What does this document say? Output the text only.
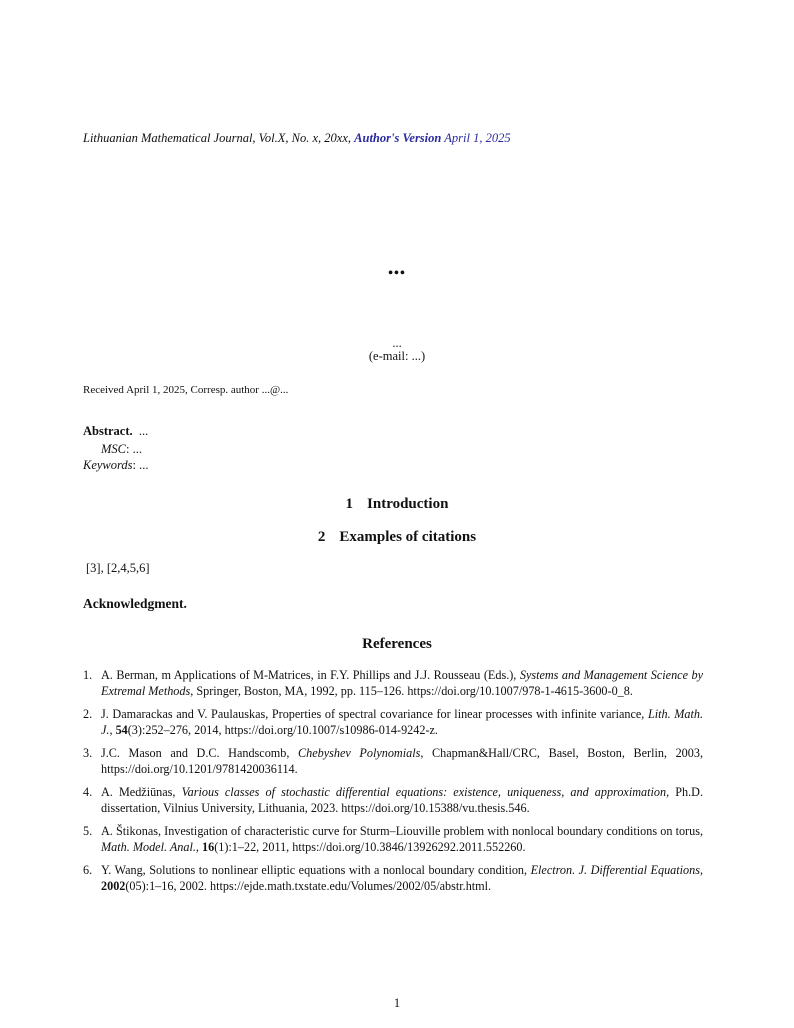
Lithuanian Mathematical Journal, Vol.X, No. x, 20xx, Author's Version April 1, 2025
•••
...
(e-mail: ...)
Received April 1, 2025, Corresp. author ...@...
Abstract. ...
MSC: ...
Keywords: ...
1 Introduction
2 Examples of citations
[3], [2,4,5,6]
Acknowledgment.
References
1. A. Berman, m Applications of M-Matrices, in F.Y. Phillips and J.J. Rousseau (Eds.), Systems and Management Science by Extremal Methods, Springer, Boston, MA, 1992, pp. 115–126. https://doi.org/10.1007/978-1-4615-3600-0_8.
2. J. Damarackas and V. Paulauskas, Properties of spectral covariance for linear processes with infinite variance, Lith. Math. J., 54(3):252–276, 2014, https://doi.org/10.1007/s10986-014-9242-z.
3. J.C. Mason and D.C. Handscomb, Chebyshev Polynomials, Chapman&Hall/CRC, Basel, Boston, Berlin, 2003, https://doi.org/10.1201/9781420036114.
4. A. Medžiūnas, Various classes of stochastic differential equations: existence, uniqueness, and approximation, Ph.D. dissertation, Vilnius University, Lithuania, 2023. https://doi.org/10.15388/vu.thesis.546.
5. A. Štikonas, Investigation of characteristic curve for Sturm–Liouville problem with nonlocal boundary conditions on torus, Math. Model. Anal., 16(1):1–22, 2011, https://doi.org/10.3846/13926292.2011.552260.
6. Y. Wang, Solutions to nonlinear elliptic equations with a nonlocal boundary condition, Electron. J. Differential Equations, 2002(05):1–16, 2002. https://ejde.math.txstate.edu/Volumes/2002/05/abstr.html.
1
